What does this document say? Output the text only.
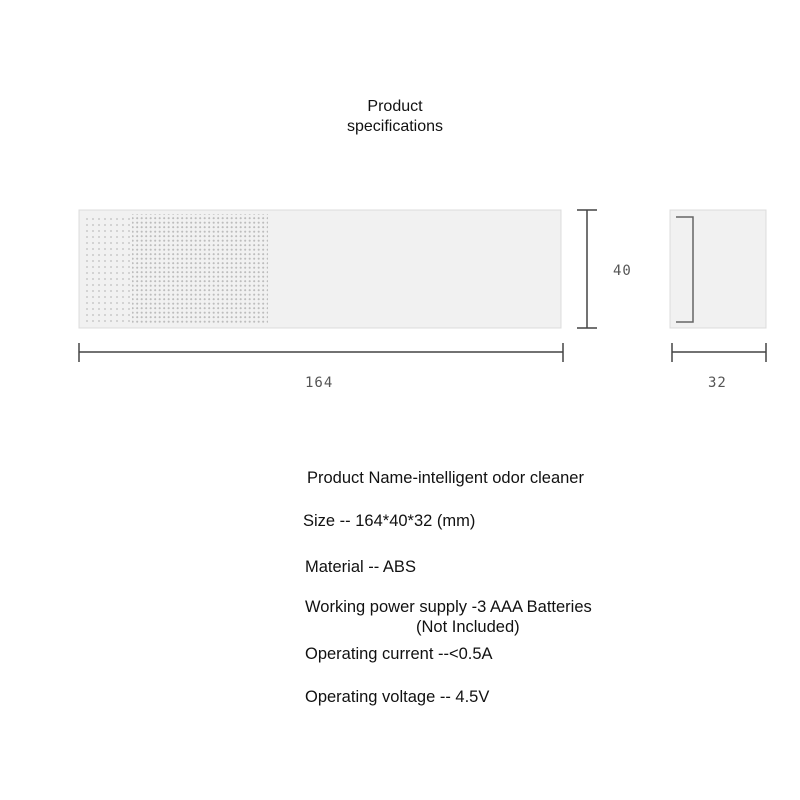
Product
specifications
40
164	32
Product Name-intelligent odor cleaner
Size -- 164*40*32 (mm)
Material -- ABS
Working power supply -3 AAA Batteries
(Not Included)
Operating current --<0.5A
Operating voltage -- 4.5V
